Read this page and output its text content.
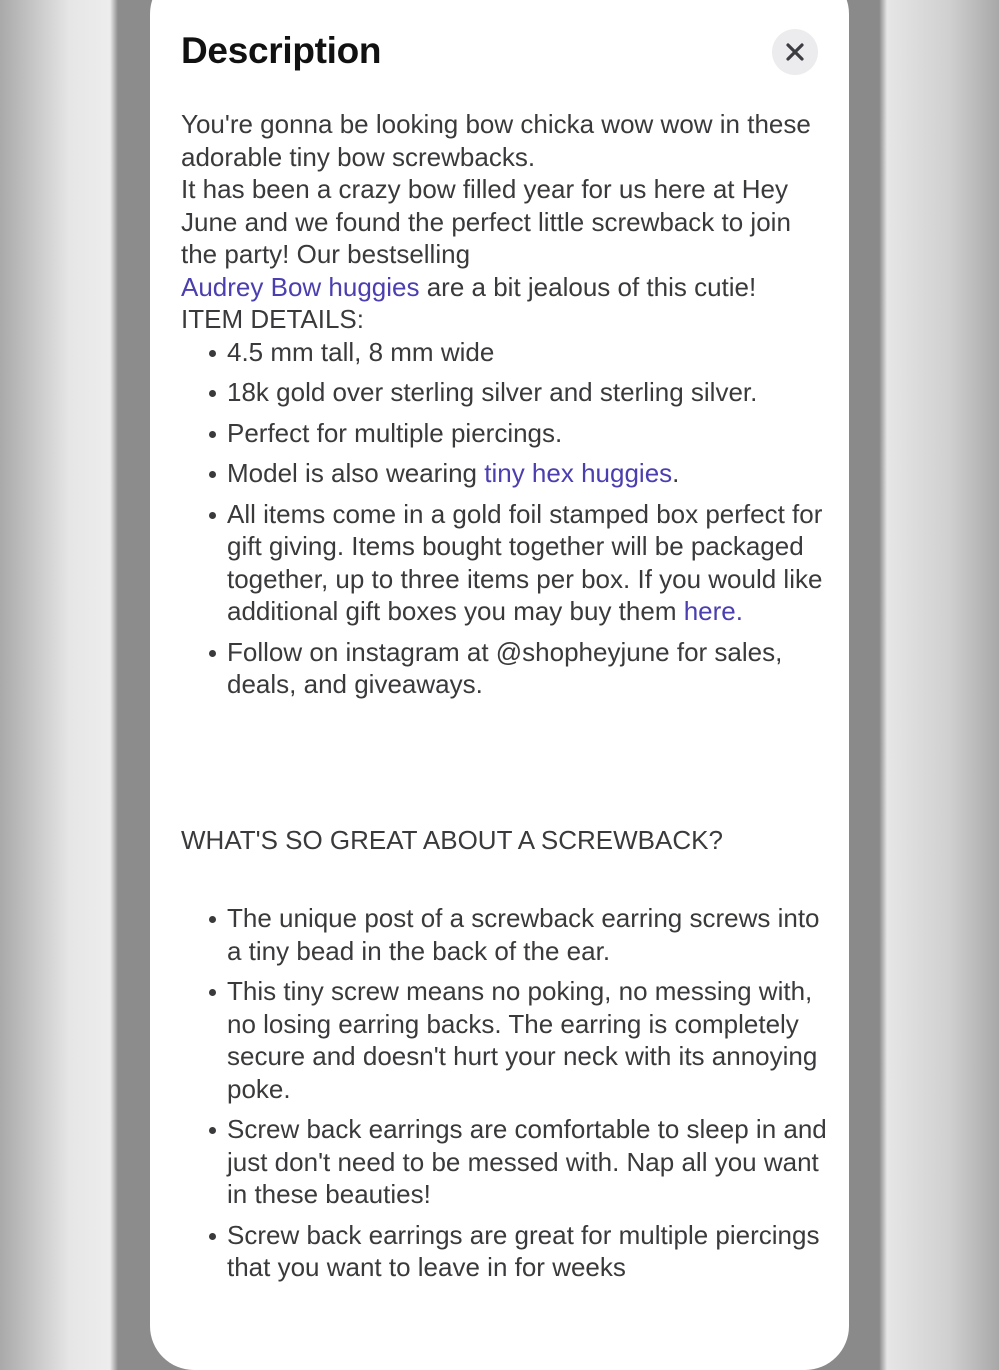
Description

You're gonna be looking bow chicka wow wow in these adorable tiny bow screwbacks.

It has been a crazy bow filled year for us here at Hey June and we found the perfect little screwback to join the party! Our bestselling
Audrey Bow huggies are a bit jealous of this cutie!

ITEM DETAILS:

4.5 mm tall, 8 mm wide
18k gold over sterling silver and sterling silver.
Perfect for multiple piercings.
Model is also wearing tiny hex huggies.
All items come in a gold foil stamped box perfect for gift giving. Items bought together will be packaged together, up to three items per box. If you would like additional gift boxes you may buy them here.
Follow on instagram at @shopheyjune for sales, deals, and giveaways.

WHAT'S SO GREAT ABOUT A SCREWBACK?

The unique post of a screwback earring screws into a tiny bead in the back of the ear.
This tiny screw means no poking, no messing with, no losing earring backs. The earring is completely secure and doesn't hurt your neck with its annoying poke.
Screw back earrings are comfortable to sleep in and just don't need to be messed with. Nap all you want in these beauties!
Screw back earrings are great for multiple piercings that you want to leave in for weeks
